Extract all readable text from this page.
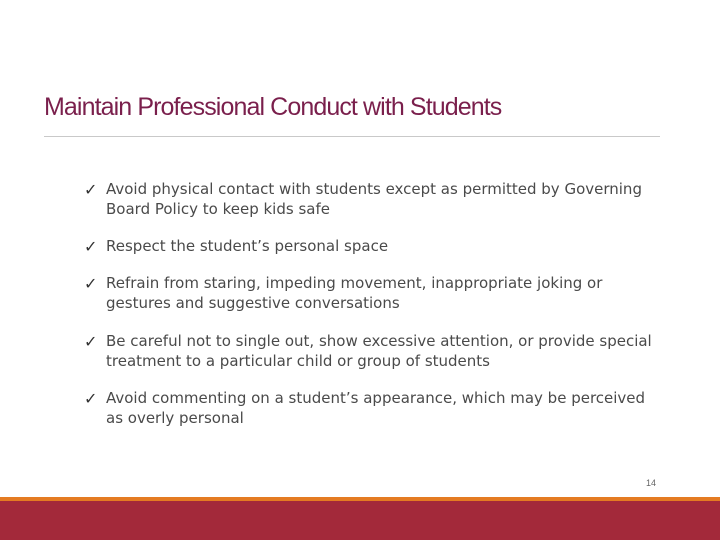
Maintain Professional Conduct with Students
✓ Avoid physical contact with students except as permitted by Governing Board Policy to keep kids safe
✓ Respect the student’s personal space
✓ Refrain from staring, impeding movement, inappropriate joking or gestures and suggestive conversations
✓ Be careful not to single out, show excessive attention, or provide special treatment to a particular child or group of students
✓ Avoid commenting on a student’s appearance, which may be perceived as overly personal
14
